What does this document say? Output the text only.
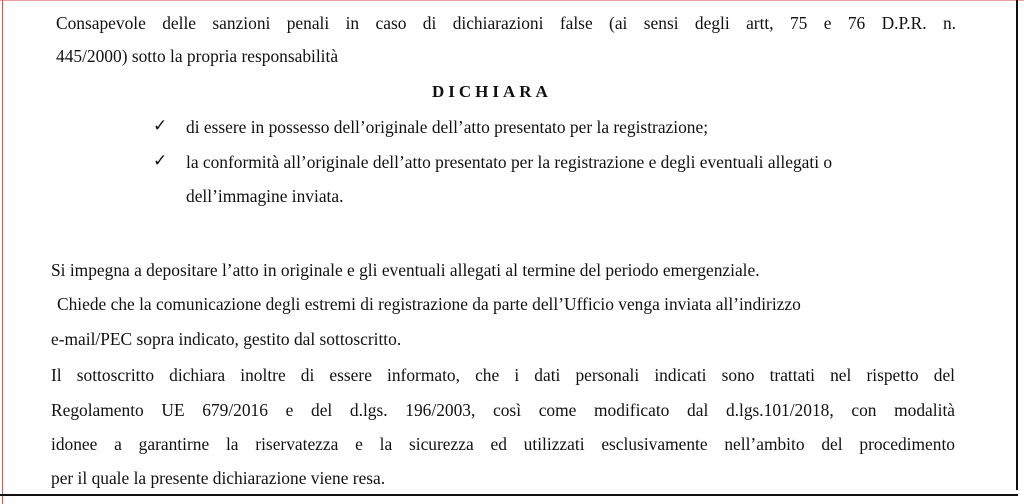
Consapevole delle sanzioni penali in caso di dichiarazioni false (ai sensi degli artt, 75 e 76 D.P.R. n.
445/2000) sotto la propria responsabilità
DICHIARA
✓ di essere in possesso dell’originale dell’atto presentato per la registrazione;
✓ la conformità all’originale dell’atto presentato per la registrazione e degli eventuali allegati o
dell’immagine inviata.
Si impegna a depositare l’atto in originale e gli eventuali allegati al termine del periodo emergenziale.
Chiede che la comunicazione degli estremi di registrazione da parte dell’Ufficio venga inviata all’indirizzo
e-mail/PEC sopra indicato, gestito dal sottoscritto.
Il sottoscritto dichiara inoltre di essere informato, che i dati personali indicati sono trattati nel rispetto del
Regolamento UE 679/2016 e del d.lgs. 196/2003, così come modificato dal d.lgs.101/2018, con modalità
idonee a garantirne la riservatezza e la sicurezza ed utilizzati esclusivamente nell’ambito del procedimento
per il quale la presente dichiarazione viene resa.
